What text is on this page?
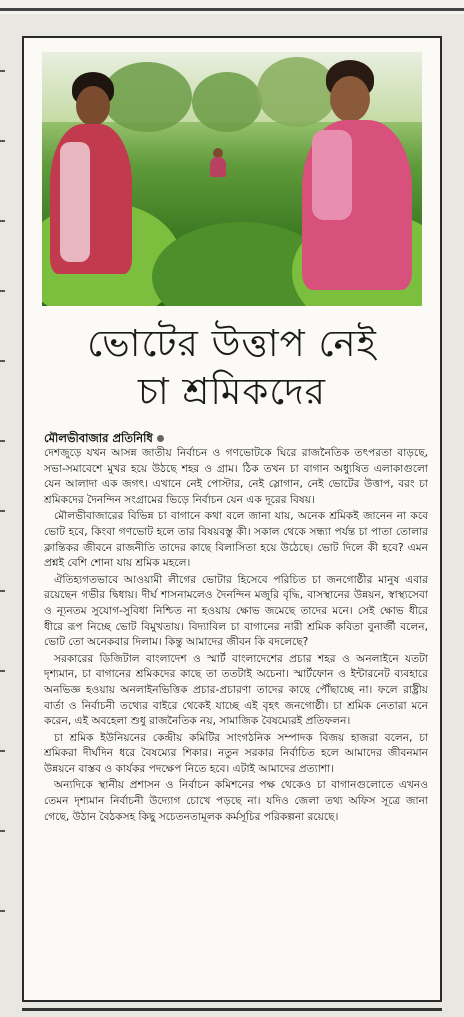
ভোটের উত্তাপ নেই
চা শ্রমিকদের
মৌলভীবাজার প্রতিনিধি

দেশজুড়ে যখন আসন্ন জাতীয় নির্বাচন ও গণভোটকে ঘিরে রাজনৈতিক তৎপরতা বাড়ছে, সভা-সমাবেশে মুখর হয়ে উঠছে শহর ও গ্রাম। ঠিক তখন চা বাগান অধ্যুষিত এলাকাগুলো যেন আলাদা এক জগৎ। এখানে নেই পোস্টার, নেই স্লোগান, নেই ভোটের উত্তাপ, বরং চা শ্রমিকদের দৈনন্দিন সংগ্রামের ভিড়ে নির্বাচন যেন এক দূরের বিষয়।

মৌলভীবাজারের বিভিন্ন চা বাগানে কথা বলে জানা যায়, অনেক শ্রমিকই জানেন না কবে ভোট হবে, কিংবা গণভোট হলে তার বিষয়বস্তু কী। সকাল থেকে সন্ধ্যা পর্যন্ত চা পাতা তোলার ক্লান্তিকর জীবনে রাজনীতি তাদের কাছে বিলাসিতা হয়ে উঠেছে। ভোট দিলে কী হবে? এমন প্রশ্নই বেশি শোনা যায় শ্রমিক মহলে।

ঐতিহ্যগতভাবে আওয়ামী লীগের ভোটার হিসেবে পরিচিত চা জনগোষ্ঠীর মানুষ এবার রয়েছেন গভীর দ্বিধায়। দীর্ঘ শাসনামলেও দৈনন্দিন মজুরি বৃদ্ধি, বাসস্থানের উন্নয়ন, স্বাস্থ্যসেবা ও ন্যূনতম সুযোগ-সুবিধা নিশ্চিত না হওয়ায় ক্ষোভ জমেছে তাদের মনে। সেই ক্ষোভ ধীরে ধীরে রূপ নিচ্ছে ভোট বিমুখতায়। বিদ্যাবিল চা বাগানের নারী শ্রমিক কবিতা বুনার্জী বলেন, ভোট তো অনেকবার দিলাম। কিন্তু আমাদের জীবন কি বদলেছে?

সরকারের ডিজিটাল বাংলাদেশ ও স্মার্ট বাংলাদেশের প্রচার শহর ও অনলাইনে যতটা দৃশ্যমান, চা বাগানের শ্রমিকদের কাছে তা ততটাই অচেনা। স্মার্টফোন ও ইন্টারনেট ব্যবহারে অনভিজ্ঞ হওয়ায় অনলাইনভিত্তিক প্রচার-প্রচারণা তাদের কাছে পৌঁছাচ্ছে না। ফলে রাষ্ট্রীয় বার্তা ও নির্বাচনী তথ্যের বাইরে থেকেই যাচ্ছে এই বৃহৎ জনগোষ্ঠী। চা শ্রমিক নেতারা মনে করেন, এই অবহেলা শুধু রাজনৈতিক নয়, সামাজিক বৈষম্যেরই প্রতিফলন।

চা শ্রমিক ইউনিয়নের কেন্দ্রীয় কমিটির সাংগঠনিক সম্পাদক বিজয় হাজরা বলেন, চা শ্রমিকরা দীর্ঘদিন ধরে বৈষম্যের শিকার। নতুন সরকার নির্বাচিত হলে আমাদের জীবনমান উন্নয়নে বাস্তব ও কার্যকর পদক্ষেপ নিতে হবে। এটাই আমাদের প্রত্যাশা।

অন্যদিকে স্থানীয় প্রশাসন ও নির্বাচন কমিশনের পক্ষ থেকেও চা বাগানগুলোতে এখনও তেমন দৃশ্যমান নির্বাচনী উদ্যোগ চোখে পড়ছে না। যদিও জেলা তথ্য অফিস সূত্রে জানা গেছে, উঠান বৈঠকসহ কিছু সচেতনতামূলক কর্মসূচির পরিকল্পনা রয়েছে।
